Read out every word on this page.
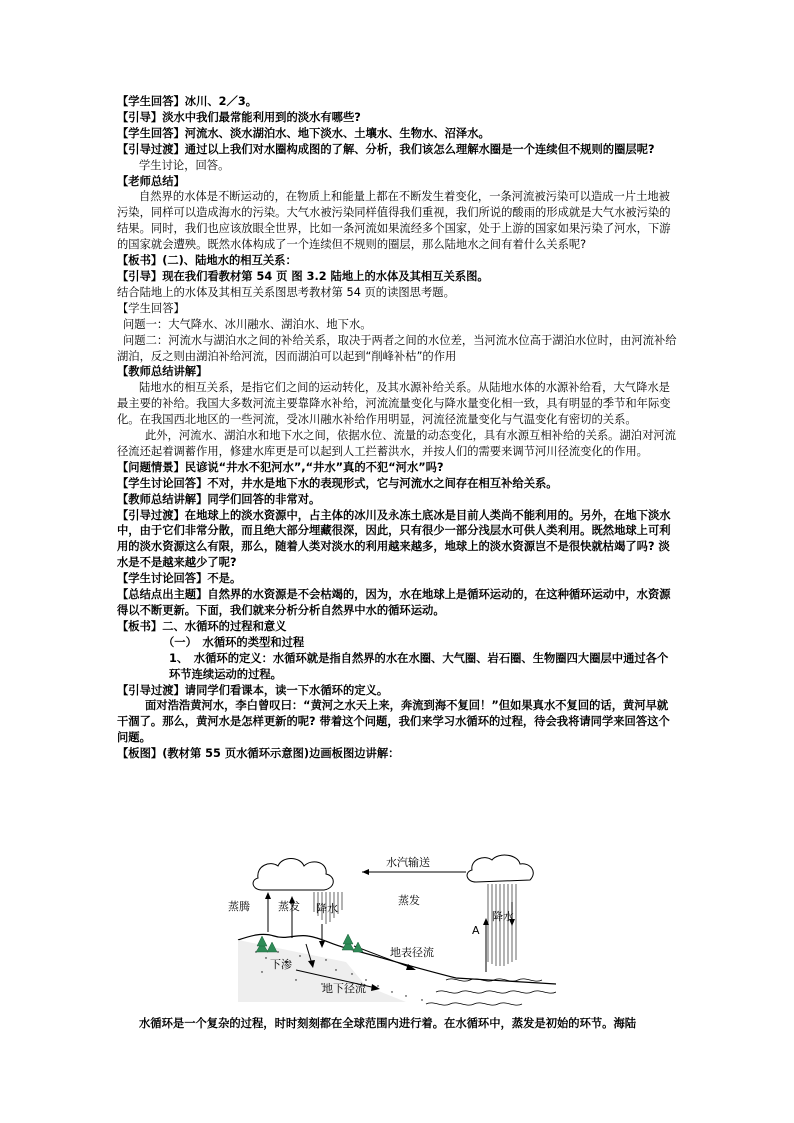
【学生回答】冰川、2／3。

【引导】淡水中我们最常能利用到的淡水有哪些?

【学生回答】河流水、淡水湖泊水、地下淡水、土壤水、生物水、沼泽水。

【引导过渡】通过以上我们对水圈构成图的了解、分析，我们该怎么理解水圈是一个连续但不规则的圈层呢?

学生讨论，回答。

【老师总结】

自然界的水体是不断运动的，在物质上和能量上都在不断发生着变化，一条河流被污染可以造成一片土地被污染，同样可以造成海水的污染。大气水被污染同样值得我们重视，我们所说的酸雨的形成就是大气水被污染的结果。同时，我们也应该放眼全世界，比如一条河流如果流经多个国家，处于上游的国家如果污染了河水，下游的国家就会遭殃。既然水体构成了一个连续但不规则的圈层，那么陆地水之间有着什么关系呢?

【板书】(二)、陆地水的相互关系：

【引导】现在我们看教材第 54 页 图 3.2 陆地上的水体及其相互关系图。

结合陆地上的水体及其相互关系图思考教材第 54 页的读图思考题。

【学生回答】

问题一：大气降水、冰川融水、湖泊水、地下水。

问题二：河流水与湖泊水之间的补给关系，取决于两者之间的水位差，当河流水位高于湖泊水位时，由河流补给湖泊，反之则由湖泊补给河流，因而湖泊可以起到“削峰补枯”的作用

【教师总结讲解】

陆地水的相互关系，是指它们之间的运动转化，及其水源补给关系。从陆地水体的水源补给看，大气降水是最主要的补给。我国大多数河流主要靠降水补给，河流流量变化与降水量变化相一致，具有明显的季节和年际变化。在我国西北地区的一些河流，受冰川融水补给作用明显，河流径流量变化与气温变化有密切的关系。

此外，河流水、湖泊水和地下水之间，依据水位、流量的动态变化，具有水源互相补给的关系。湖泊对河流径流还起着调蓄作用，修建水库更是可以起到人工拦蓄洪水，并按人们的需要来调节河川径流变化的作用。

【问题情景】民谚说“井水不犯河水”,“井水”真的不犯“河水”吗?

【学生讨论回答】不对，井水是地下水的表现形式，它与河流水之间存在相互补给关系。

【教师总结讲解】同学们回答的非常对。

【引导过渡】在地球上的淡水资源中，占主体的冰川及永冻土底冰是目前人类尚不能利用的。另外，在地下淡水中，由于它们非常分散，而且绝大部分埋藏很深，因此，只有很少一部分浅层水可供人类利用。既然地球上可利用的淡水资源这么有限，那么，随着人类对淡水的利用越来越多，地球上的淡水资源岂不是很快就枯竭了吗? 淡水是不是越来越少了呢?

【学生讨论回答】不是。

【总结点出主题】自然界的水资源是不会枯竭的，因为，水在地球上是循环运动的，在这种循环运动中，水资源得以不断更新。下面，我们就来分析分析自然界中水的循环运动。

【板书】二、水循环的过程和意义

（一）　水循环的类型和过程

1、　水循环的定义：水循环就是指自然界的水在水圈、大气圈、岩石圈、生物圈四大圈层中通过各个环节连续运动的过程。

【引导过渡】请同学们看课本，读一下水循环的定义。

面对浩浩黄河水，李白曾叹曰：“黄河之水天上来，奔流到海不复回！”但如果真水不复回的话，黄河早就干涸了。那么，黄河水是怎样更新的呢? 带着这个问题，我们来学习水循环的过程，待会我将请同学来回答这个问题。

【板图】(教材第 55 页水循环示意图)边画板图边讲解：

水汽输送
蒸腾	蒸发 降水
蒸发
降水
A
地表径流
下渗
地下径流
水循环是一个复杂的过程，时时刻刻都在全球范围内进行着。在水循环中，蒸发是初始的环节。海陆
